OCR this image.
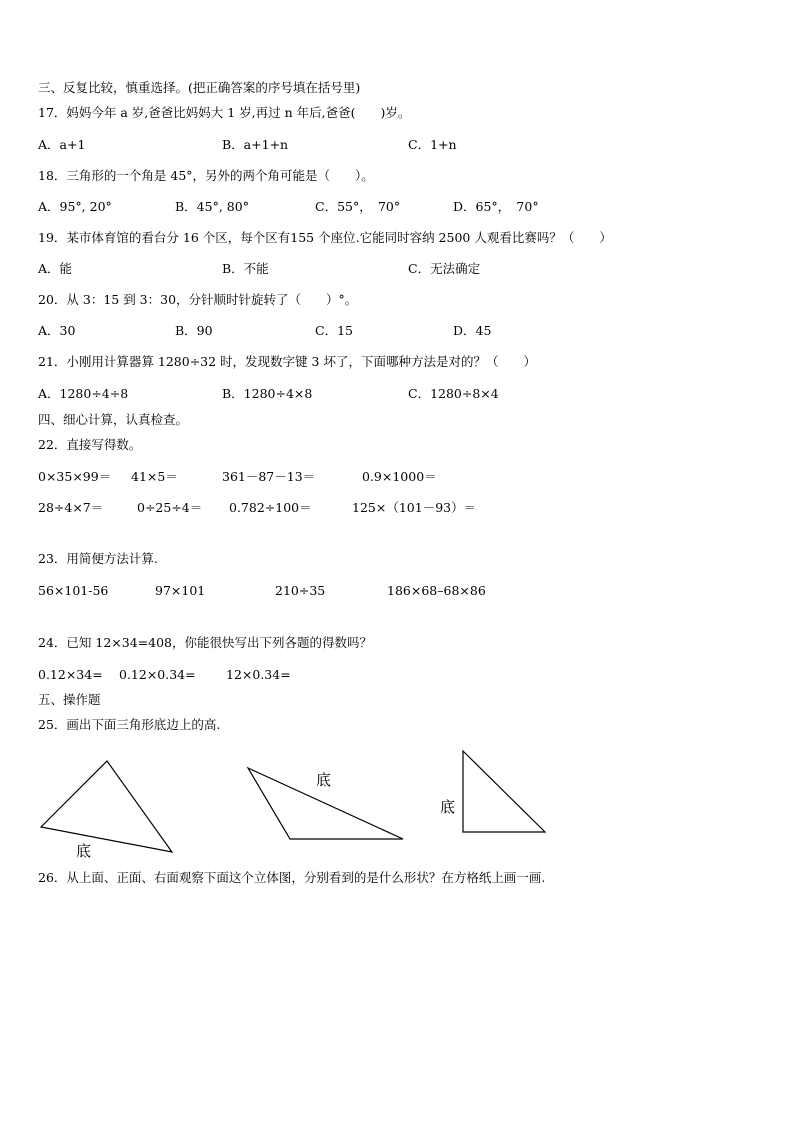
三、反复比较，慎重选择。(把正确答案的序号填在括号里)
17．妈妈今年 a 岁,爸爸比妈妈大 1 岁,再过 n 年后,爸爸(　　)岁。
A．a+1	B．a+1+n	C．1+n
18．三角形的一个角是 45°，另外的两个角可能是（　　）。
A．95°, 20°	B．45°, 80°	C．55°，　70°	D．65°，　70°
19．某市体育馆的看台分 16 个区，每个区有155 个座位.它能同时容纳 2500 人观看比赛吗？（　　）
A．能	B．不能	C．无法确定
20．从 3：15 到 3：30，分针顺时针旋转了（　　）°。
A．30	B．90	C．15	D．45
21．小刚用计算器算 1280÷32 时，发现数字键 3 坏了，下面哪种方法是对的？（　　）
A．1280÷4÷8	B．1280÷4×8	C．1280÷8×4
四、细心计算，认真检查。
22．直接写得数。
0×35×99＝ 41×5＝	361－87－13＝	0.9×1000＝
28÷4×7＝	0÷25÷4＝ 0.782÷100＝	125×（101－93）＝
23．用简便方法计算.
56×101-56	97×101	210÷35	186×68–68×86
24．已知 12×34=408，你能很快写出下列各题的得数吗？
0.12×34= 0.12×0.34= 12×0.34=
五、操作题
25．画出下面三角形底边上的高.
底
底
底
26．从上面、正面、右面观察下面这个立体图，分别看到的是什么形状？在方格纸上画一画.
